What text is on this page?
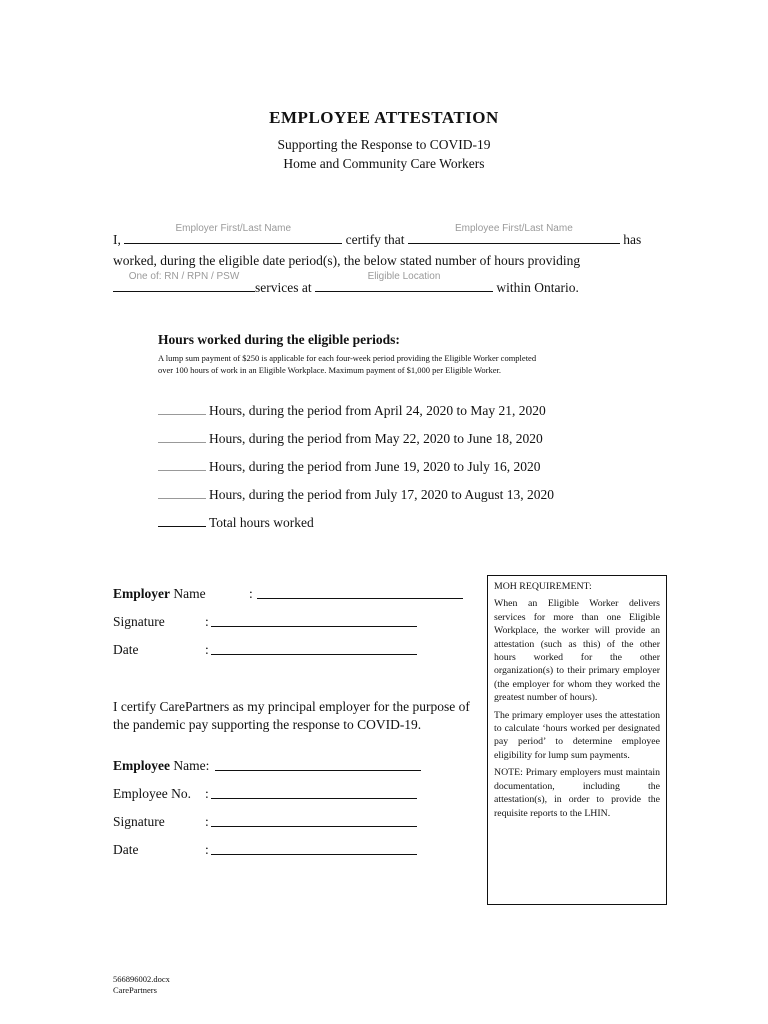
EMPLOYEE ATTESTATION
Supporting the Response to COVID-19
Home and Community Care Workers
I,
Employer First/Last Name
certify that
Employee First/Last Name
has
worked, during the eligible date period(s), the below stated number of hours providing
One of: RN / RPN / PSW
services at
Eligible Location
within Ontario.
Hours worked during the eligible periods:
A lump sum payment of $250 is applicable for each four-week period providing the Eligible Worker completed
over 100 hours of work in an Eligible Workplace. Maximum payment of $1,000 per Eligible Worker.
Hours, during the period from April 24, 2020 to May 21, 2020
Hours, during the period from May 22, 2020 to June 18, 2020
Hours, during the period from June 19, 2020 to July 16, 2020
Hours, during the period from July 17, 2020 to August 13, 2020
Total hours worked
Employer Name	:
Signature	:
Date	:
I certify CarePartners as my principal employer for the purpose of the pandemic pay supporting the response to COVID-19.
Employee Name:
Employee No. :
Signature	:
Date	:
MOH REQUIREMENT:

When an Eligible Worker delivers services for more than one Eligible Workplace, the worker will provide an attestation (such as this) of the other hours worked for the other organization(s) to their primary employer (the employer for whom they worked the greatest number of hours).

The primary employer uses the attestation to calculate ‘hours worked per designated pay period’ to determine employee eligibility for lump sum payments.

NOTE: Primary employers must maintain documentation, including the attestation(s), in order to provide the requisite reports to the LHIN.

566896002.docx
CarePartners
